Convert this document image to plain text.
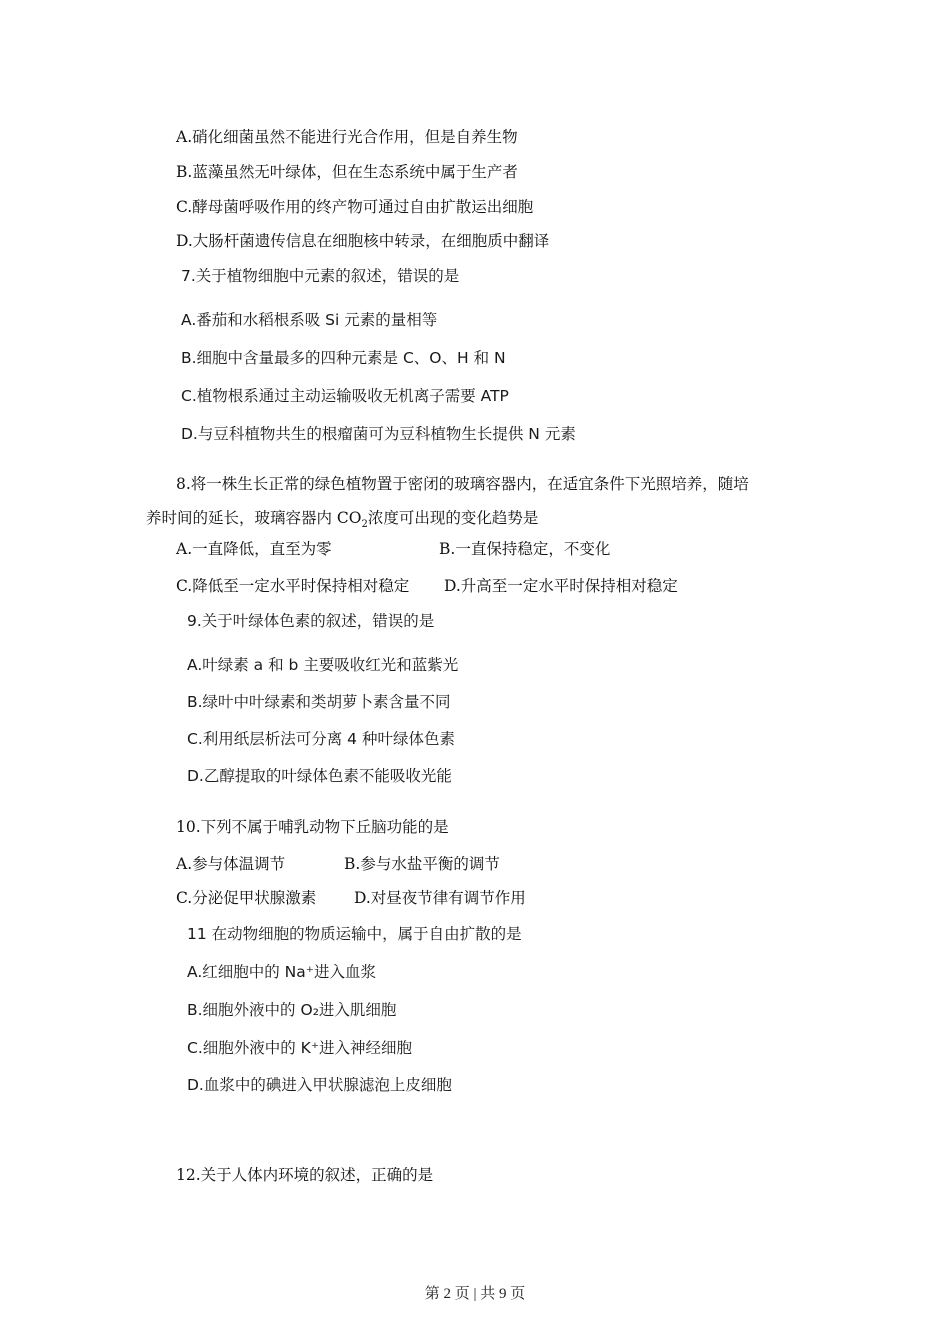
A.硝化细菌虽然不能进行光合作用，但是自养生物
B.蓝藻虽然无叶绿体，但在生态系统中属于生产者
C.酵母菌呼吸作用的终产物可通过自由扩散运出细胞
D.大肠杆菌遗传信息在细胞核中转录，在细胞质中翻译
7.关于植物细胞中元素的叙述，错误的是
A.番茄和水稻根系吸 Si 元素的量相等
B.细胞中含量最多的四种元素是 C、O、H 和 N
C.植物根系通过主动运输吸收无机离子需要 ATP
D.与豆科植物共生的根瘤菌可为豆科植物生长提供 N 元素
8.将一株生长正常的绿色植物置于密闭的玻璃容器内，在适宜条件下光照培养，随培
养时间的延长，玻璃容器内 $CO_2$浓度可出现的变化趋势是
A.一直降低，直至为零	B.一直保持稳定，不变化
C.降低至一定水平时保持相对稳定 D.升高至一定水平时保持相对稳定
9.关于叶绿体色素的叙述，错误的是
A.叶绿素 a 和 b 主要吸收红光和蓝紫光
B.绿叶中叶绿素和类胡萝卜素含量不同
C.利用纸层析法可分离 4 种叶绿体色素
D.乙醇提取的叶绿体色素不能吸收光能
10.下列不属于哺乳动物下丘脑功能的是
A.参与体温调节	B.参与水盐平衡的调节
C.分泌促甲状腺激素 D.对昼夜节律有调节作用
11 在动物细胞的物质运输中，属于自由扩散的是
A.红细胞中的 Na⁺进入血浆
B.细胞外液中的 O₂进入肌细胞
C.细胞外液中的 K⁺进入神经细胞
D.血浆中的碘进入甲状腺滤泡上皮细胞
12.关于人体内环境的叙述，正确的是
第 2 页 | 共 9 页
